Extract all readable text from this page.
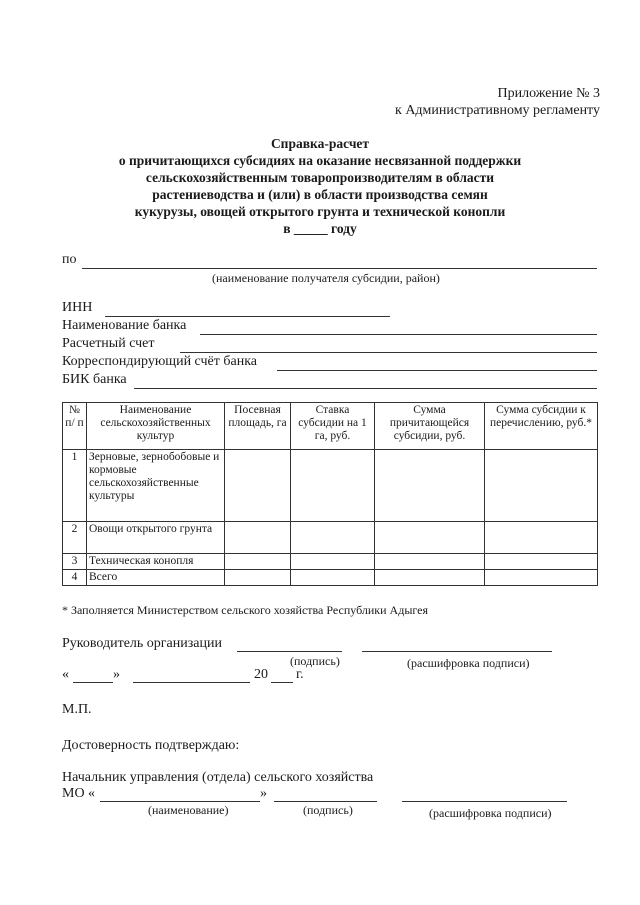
Приложение № 3
к Административному регламенту
Справка-расчет
о причитающихся субсидиях на оказание несвязанной поддержки
сельскохозяйственным товаропроизводителям в области
растениеводства и (или) в области производства семян
кукурузы, овощей открытого грунта и технической конопли
в _____ году
по
(наименование получателя субсидии, район)
ИНН
Наименование банка
Расчетный счет
Корреспондирующий счёт банка
БИК банка
№ п/ п	Наименование сельскохозяйственных культур	Посевная площадь, га	Ставка субсидии на 1 га, руб.	Сумма причитающейся субсидии, руб.	Сумма субсидии к перечислению, руб.*
1	Зерновые, зернобобовые и кормовые сельскохозяйственные культуры				
2	Овощи открытого грунта				
3	Техническая конопля				
4	Всего				
* Заполняется Министерством сельского хозяйства Республики Адыгея
Руководитель организации
(подпись)	(расшифровка подписи)
«	»	20 г.
М.П.
Достоверность подтверждаю:
Начальник управления (отдела) сельского хозяйства
МО «	»
(наименование)	(подпись)	(расшифровка подписи)
